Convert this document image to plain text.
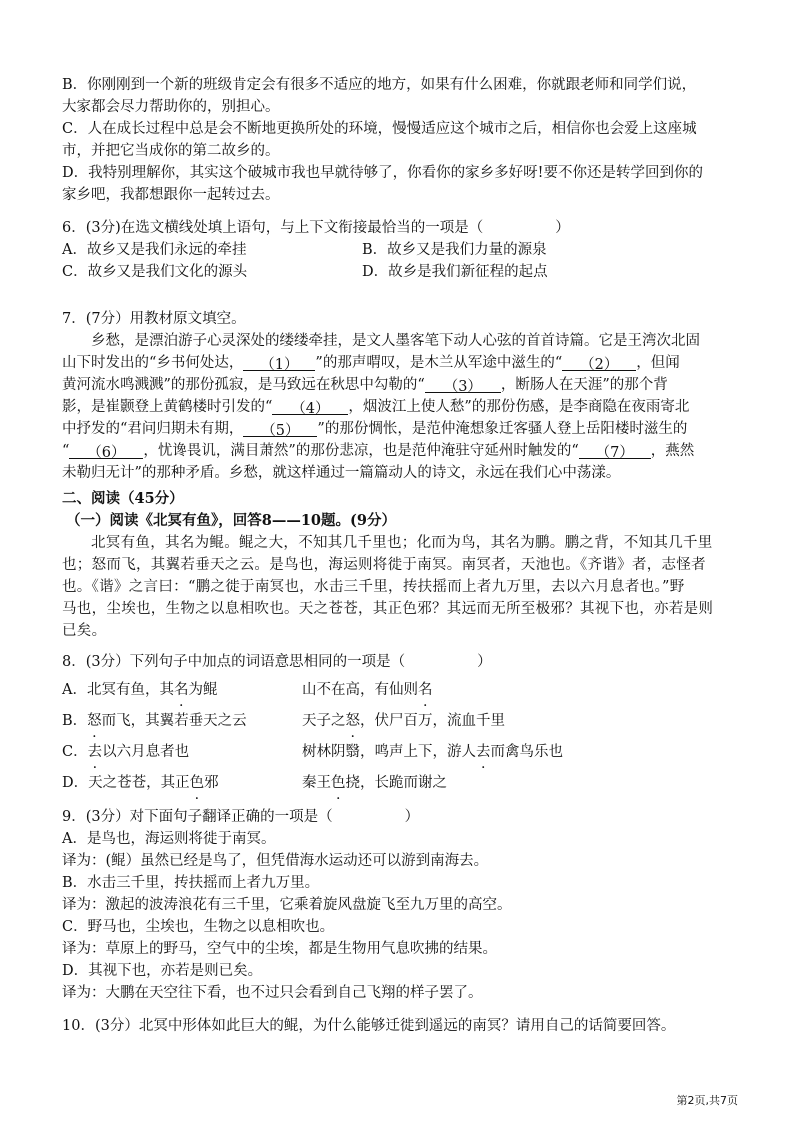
B．你刚刚到一个新的班级肯定会有很多不适应的地方，如果有什么困难，你就跟老师和同学们说，
大家都会尽力帮助你的，别担心。
C．人在成长过程中总是会不断地更换所处的环境，慢慢适应这个城市之后，相信你也会爱上这座城
市，并把它当成你的第二故乡的。
D．我特别理解你，其实这个破城市我也早就待够了，你看你的家乡多好呀!要不你还是转学回到你的
家乡吧，我都想跟你一起转过去。
6．(3分)在选文横线处填上语句，与上下文衔接最恰当的一项是（	）
A．故乡又是我们永远的牵挂	B．故乡又是我们力量的源泉
C．故乡又是我们文化的源头	D．故乡是我们新征程的起点
7．(7分）用教材原文填空。
乡愁，是漂泊游子心灵深处的缕缕牵挂，是文人墨客笔下动人心弦的首首诗篇。它是王湾次北固
山下时发出的“乡书何处达， （1） ”的那声喟叹，是木兰从军途中滋生的“ （2） ，但闻
黄河流水鸣溅溅”的那份孤寂，是马致远在秋思中勾勒的“ （3） ，断肠人在天涯”的那个背
影，是崔颢登上黄鹤楼时引发的“ （4） ，烟波江上使人愁”的那份伤感，是李商隐在夜雨寄北
中抒发的“君问归期未有期， （5） ”的那份惆怅，是范仲淹想象迁客骚人登上岳阳楼时滋生的
“ （6） ，忧谗畏讥，满目萧然”的那份悲凉，也是范仲淹驻守延州时触发的“ （7） ，燕然
未勒归无计”的那种矛盾。乡愁，就这样通过一篇篇动人的诗文，永远在我们心中荡漾。
二、阅读（45分）
（一）阅读《北冥有鱼》，回答8——10题。(9分）
北冥有鱼，其名为鲲。鲲之大，不知其几千里也；化而为鸟，其名为鹏。鹏之背，不知其几千里
也；怒而飞，其翼若垂天之云。是鸟也，海运则将徙于南冥。南冥者，天池也。《齐谐》者，志怪者
也。《谐》之言曰：“鹏之徙于南冥也，水击三千里，抟扶摇而上者九万里，去以六月息者也。”野
马也，尘埃也，生物之以息相吹也。天之苍苍，其正色邪？其远而无所至极邪？其视下也，亦若是则
已矣。
8．(3分）下列句子中加点的词语意思相同的一项是（	）
A．北冥有鱼，其名为鲲	山不在高，有仙则名
B．怒而飞，其翼若垂天之云	天子之怒，伏尸百万，流血千里
C．去以六月息者也	树林阴翳，鸣声上下，游人去而禽鸟乐也
D．天之苍苍，其正色邪	秦王色挠，长跪而谢之
9．(3分）对下面句子翻译正确的一项是（	）
A．是鸟也，海运则将徙于南冥。
译为：(鲲）虽然已经是鸟了，但凭借海水运动还可以游到南海去。
B．水击三千里，抟扶摇而上者九万里。
译为：激起的波涛浪花有三千里，它乘着旋风盘旋飞至九万里的高空。
C．野马也，尘埃也，生物之以息相吹也。
译为：草原上的野马，空气中的尘埃，都是生物用气息吹拂的结果。
D．其视下也，亦若是则已矣。
译为：大鹏在天空往下看，也不过只会看到自己飞翔的样子罢了。
10．(3分）北冥中形体如此巨大的鲲，为什么能够迁徙到遥远的南冥？请用自己的话简要回答。
第2页,共7页
